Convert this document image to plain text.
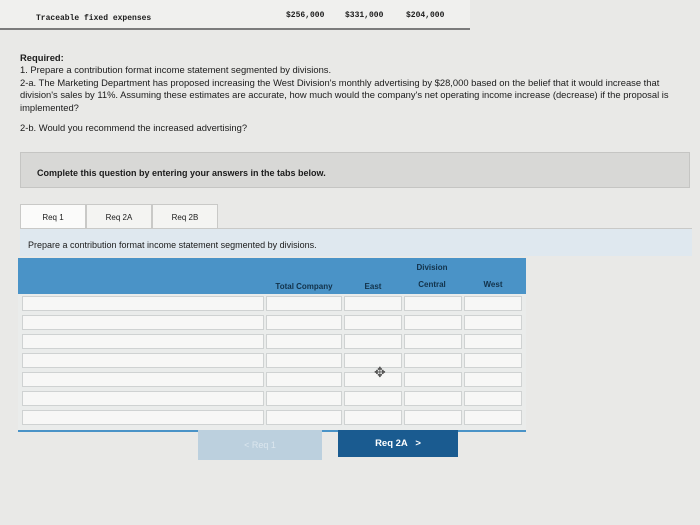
Traceable fixed expenses	$256,000	$331,000	$204,000

Required:

1. Prepare a contribution format income statement segmented by divisions.

2-a. The Marketing Department has proposed increasing the West Division's monthly advertising by $28,000 based on the belief that it would increase that division's sales by 11%. Assuming these estimates are accurate, how much would the company's net operating income increase (decrease) if the proposal is implemented?

2-b. Would you recommend the increased advertising?

Complete this question by entering your answers in the tabs below.
Req 1	Req 2A	Req 2B
Prepare a contribution format income statement segmented by divisions.
Total Company
Division
East	Central	West
✥
< Req 1	Req 2A   >
